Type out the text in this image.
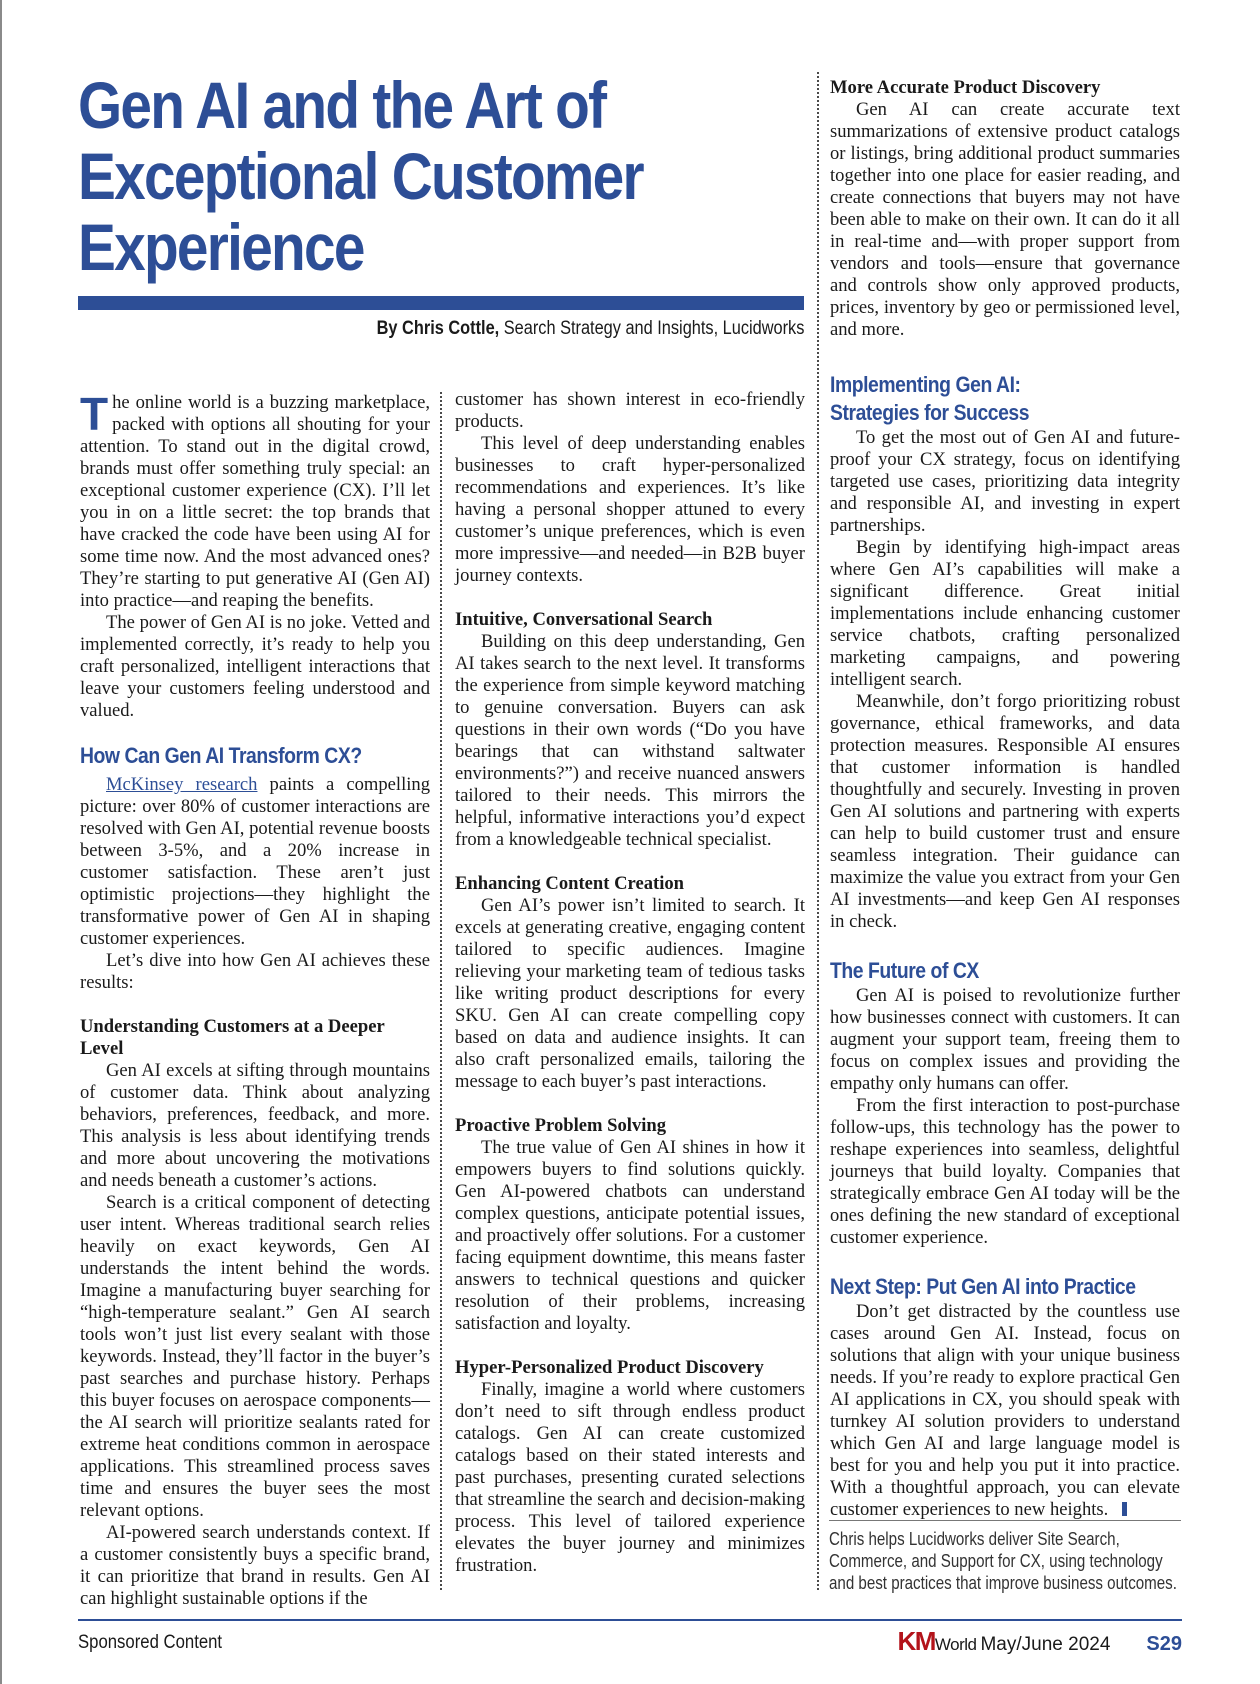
Gen AI and the Art of
Exceptional Customer
Experience
By Chris Cottle, Search Strategy and Insights, Lucidworks

The online world is a buzzing marketplace, packed with options all shouting for your attention. To stand out in the digital crowd, brands must offer something truly special: an exceptional customer experience (CX). I’ll let you in on a little secret: the top brands that have cracked the code have been using AI for some time now. And the most advanced ones? They’re starting to put generative AI (Gen AI) into practice—and reaping the benefits.

The power of Gen AI is no joke. Vetted and implemented correctly, it’s ready to help you craft personalized, intelligent interactions that leave your customers feeling understood and valued.

How Can Gen AI Transform CX?

McKinsey research paints a compelling picture: over 80% of customer interactions are resolved with Gen AI, potential revenue boosts between 3-5%, and a 20% increase in customer satisfaction. These aren’t just optimistic projections—they highlight the transformative power of Gen AI in shaping customer experiences.

Let’s dive into how Gen AI achieves these results:

Understanding Customers at a Deeper Level

Gen AI excels at sifting through mountains of customer data. Think about analyzing behaviors, preferences, feedback, and more. This analysis is less about identifying trends and more about uncovering the motivations and needs beneath a customer’s actions.

Search is a critical component of detecting user intent. Whereas traditional search relies heavily on exact keywords, Gen AI understands the intent behind the words. Imagine a manufacturing buyer searching for “high-temperature sealant.” Gen AI search tools won’t just list every sealant with those keywords. Instead, they’ll factor in the buyer’s past searches and purchase history. Perhaps this buyer focuses on aerospace components—the AI search will prioritize sealants rated for extreme heat conditions common in aerospace applications. This streamlined process saves time and ensures the buyer sees the most relevant options.

AI-powered search understands context. If a customer consistently buys a specific brand, it can prioritize that brand in results. Gen AI can highlight sustainable options if the

customer has shown interest in eco-friendly products.

This level of deep understanding enables businesses to craft hyper-personalized recommendations and experiences. It’s like having a personal shopper attuned to every customer’s unique preferences, which is even more impressive—and needed—in B2B buyer journey contexts.

Intuitive, Conversational Search

Building on this deep understanding, Gen AI takes search to the next level. It transforms the experience from simple keyword matching to genuine conversation. Buyers can ask questions in their own words (“Do you have bearings that can withstand saltwater environments?”) and receive nuanced answers tailored to their needs. This mirrors the helpful, informative interactions you’d expect from a knowledgeable technical specialist.

Enhancing Content Creation

Gen AI’s power isn’t limited to search. It excels at generating creative, engaging content tailored to specific audiences. Imagine relieving your marketing team of tedious tasks like writing product descriptions for every SKU. Gen AI can create compelling copy based on data and audience insights. It can also craft personalized emails, tailoring the message to each buyer’s past interactions.

Proactive Problem Solving

The true value of Gen AI shines in how it empowers buyers to find solutions quickly. Gen AI-powered chatbots can understand complex questions, anticipate potential issues, and proactively offer solutions. For a customer facing equipment downtime, this means faster answers to technical questions and quicker resolution of their problems, increasing satisfaction and loyalty.

Hyper-Personalized Product Discovery

Finally, imagine a world where customers don’t need to sift through endless product catalogs. Gen AI can create customized catalogs based on their stated interests and past purchases, presenting curated selections that streamline the search and decision-making process. This level of tailored experience elevates the buyer journey and minimizes frustration.

More Accurate Product Discovery

Gen AI can create accurate text summarizations of extensive product catalogs or listings, bring additional product summaries together into one place for easier reading, and create connections that buyers may not have been able to make on their own. It can do it all in real-time and—with proper support from vendors and tools—ensure that governance and controls show only approved products, prices, inventory by geo or permissioned level, and more.

Implementing Gen AI:
Strategies for Success

To get the most out of Gen AI and future-proof your CX strategy, focus on identifying targeted use cases, prioritizing data integrity and responsible AI, and investing in expert partnerships.

Begin by identifying high-impact areas where Gen AI’s capabilities will make a significant difference. Great initial implementations include enhancing customer service chatbots, crafting personalized marketing campaigns, and powering intelligent search.

Meanwhile, don’t forgo prioritizing robust governance, ethical frameworks, and data protection measures. Responsible AI ensures that customer information is handled thoughtfully and securely. Investing in proven Gen AI solutions and partnering with experts can help to build customer trust and ensure seamless integration. Their guidance can maximize the value you extract from your Gen AI investments—and keep Gen AI responses in check.

The Future of CX

Gen AI is poised to revolutionize further how businesses connect with customers. It can augment your support team, freeing them to focus on complex issues and providing the empathy only humans can offer.

From the first interaction to post-purchase follow-ups, this technology has the power to reshape experiences into seamless, delightful journeys that build loyalty. Companies that strategically embrace Gen AI today will be the ones defining the new standard of exceptional customer experience.

Next Step: Put Gen AI into Practice

Don’t get distracted by the countless use cases around Gen AI. Instead, focus on solutions that align with your unique business needs. If you’re ready to explore practical Gen AI applications in CX, you should speak with turnkey AI solution providers to understand which Gen AI and large language model is best for you and help you put it into practice. With a thoughtful approach, you can elevate customer experiences to new heights.

Chris helps Lucidworks deliver Site Search, Commerce, and Support for CX, using technology and best practices that improve business outcomes.
Sponsored Content	KM World May/June 2024 S29
